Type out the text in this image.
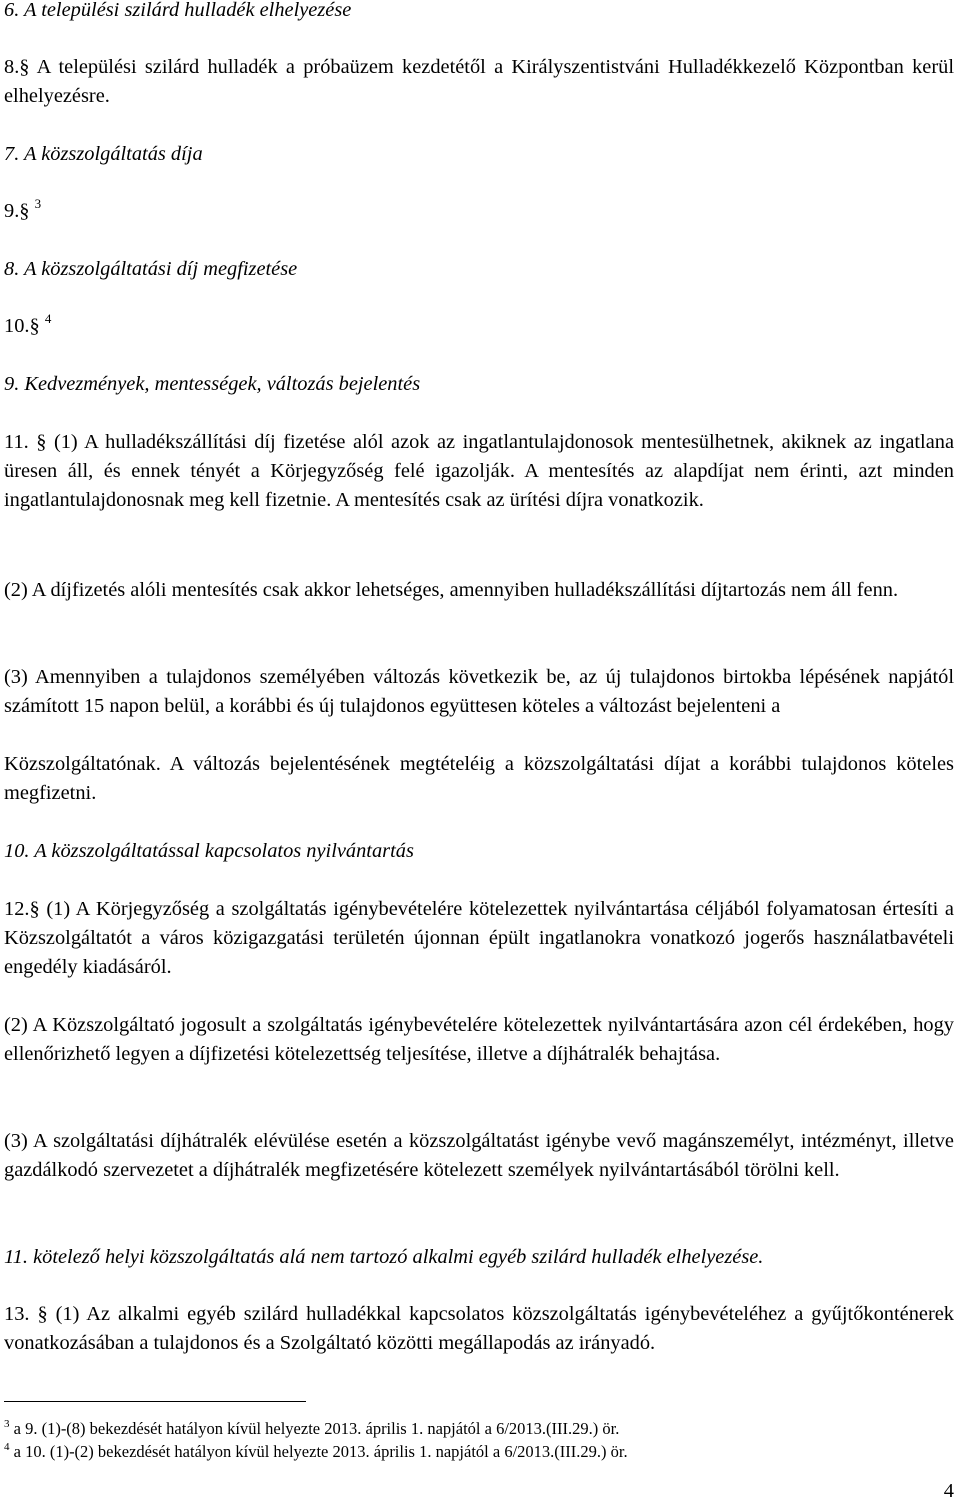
6. A települési szilárd hulladék elhelyezése
8.§ A települési szilárd hulladék a próbaüzem kezdetétől a Királyszentistváni Hulladékkezelő Központban kerül elhelyezésre.
7. A közszolgáltatás díja
9.§ $^3$
8. A közszolgáltatási díj megfizetése
10.§ $^4$
9. Kedvezmények, mentességek, változás bejelentés
11. § (1) A hulladékszállítási díj fizetése alól azok az ingatlantulajdonosok mentesülhetnek, akiknek az ingatlana üresen áll, és ennek tényét a Körjegyzőség felé igazolják. A mentesítés az alapdíjat nem érinti, azt minden ingatlantulajdonosnak meg kell fizetnie. A mentesítés csak az ürítési díjra vonatkozik.
(2) A díjfizetés alóli mentesítés csak akkor lehetséges, amennyiben hulladékszállítási díjtartozás nem áll fenn.
(3) Amennyiben a tulajdonos személyében változás következik be, az új tulajdonos birtokba lépésének napjától számított 15 napon belül, a korábbi és új tulajdonos együttesen köteles a változást bejelenteni a
Közszolgáltatónak. A változás bejelentésének megtételéig a közszolgáltatási díjat a korábbi tulajdonos köteles megfizetni.
10. A közszolgáltatással kapcsolatos nyilvántartás
12.§ (1) A Körjegyzőség a szolgáltatás igénybevételére kötelezettek nyilvántartása céljából folyamatosan értesíti a Közszolgáltatót a város közigazgatási területén újonnan épült ingatlanokra vonatkozó jogerős használatbavételi engedély kiadásáról.
(2) A Közszolgáltató jogosult a szolgáltatás igénybevételére kötelezettek nyilvántartására azon cél érdekében, hogy ellenőrizhető legyen a díjfizetési kötelezettség teljesítése, illetve a díjhátralék behajtása.
(3) A szolgáltatási díjhátralék elévülése esetén a közszolgáltatást igénybe vevő magánszemélyt, intézményt, illetve gazdálkodó szervezetet a díjhátralék megfizetésére kötelezett személyek nyilvántartásából törölni kell.
11. kötelező helyi közszolgáltatás alá nem tartozó alkalmi egyéb szilárd hulladék elhelyezése.
13. § (1) Az alkalmi egyéb szilárd hulladékkal kapcsolatos közszolgáltatás igénybevételéhez a gyűjtőkonténerek vonatkozásában a tulajdonos és a Szolgáltató közötti megállapodás az irányadó.
$^3$ a 9. (1)-(8) bekezdését hatályon kívül helyezte 2013. április 1. napjától a 6/2013.(III.29.) ör.
$^4$ a 10. (1)-(2) bekezdését hatályon kívül helyezte 2013. április 1. napjától a 6/2013.(III.29.) ör.
4
